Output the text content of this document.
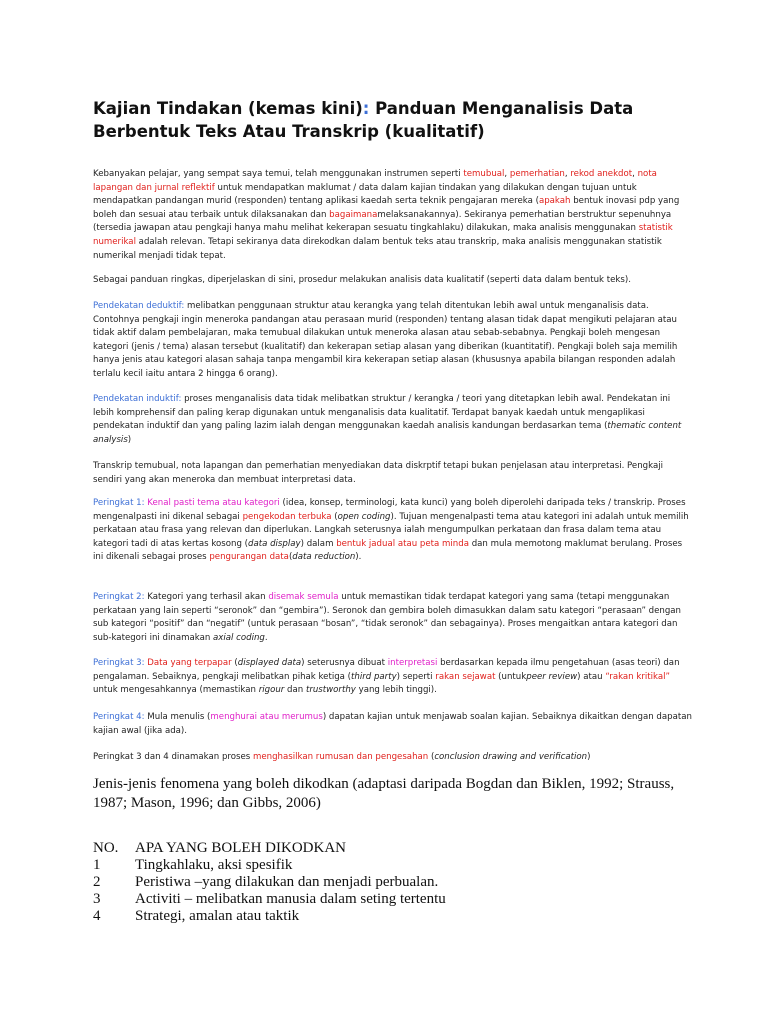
Kajian Tindakan (kemas kini): Panduan Menganalisis Data Berbentuk Teks Atau Transkrip (kualitatif)

Kebanyakan pelajar, yang sempat saya temui, telah menggunakan instrumen seperti temubual, pemerhatian, rekod anekdot, nota lapangan dan jurnal reflektif untuk mendapatkan maklumat / data dalam kajian tindakan yang dilakukan dengan tujuan untuk mendapatkan pandangan murid (responden) tentang aplikasi kaedah serta teknik pengajaran mereka (apakah bentuk inovasi pdp yang boleh dan sesuai atau terbaik untuk dilaksanakan dan bagaimanamelaksanakannya). Sekiranya pemerhatian berstruktur sepenuhnya (tersedia jawapan atau pengkaji hanya mahu melihat kekerapan sesuatu tingkahlaku) dilakukan, maka analisis menggunakan statistik numerikal adalah relevan. Tetapi sekiranya data direkodkan dalam bentuk teks atau transkrip, maka analisis menggunakan statistik numerikal menjadi tidak tepat.

Sebagai panduan ringkas, diperjelaskan di sini, prosedur melakukan analisis data kualitatif (seperti data dalam bentuk teks).

Pendekatan deduktif: melibatkan penggunaan struktur atau kerangka yang telah ditentukan lebih awal untuk menganalisis data. Contohnya pengkaji ingin meneroka pandangan atau perasaan murid (responden) tentang alasan tidak dapat mengikuti pelajaran atau tidak aktif dalam pembelajaran, maka temubual dilakukan untuk meneroka alasan atau sebab-sebabnya. Pengkaji boleh mengesan kategori (jenis / tema) alasan tersebut (kualitatif) dan kekerapan setiap alasan yang diberikan (kuantitatif). Pengkaji boleh saja memilih hanya jenis atau kategori alasan sahaja tanpa mengambil kira kekerapan setiap alasan (khususnya apabila bilangan responden adalah terlalu kecil iaitu antara 2 hingga 6 orang).

Pendekatan induktif: proses menganalisis data tidak melibatkan struktur / kerangka / teori yang ditetapkan lebih awal. Pendekatan ini lebih komprehensif dan paling kerap digunakan untuk menganalisis data kualitatif. Terdapat banyak kaedah untuk mengaplikasi pendekatan induktif dan yang paling lazim ialah dengan menggunakan kaedah analisis kandungan berdasarkan tema (thematic content analysis)

Transkrip temubual, nota lapangan dan pemerhatian menyediakan data diskrptif tetapi bukan penjelasan atau interpretasi. Pengkaji sendiri yang akan meneroka dan membuat interpretasi data.

Peringkat 1: Kenal pasti tema atau kategori (idea, konsep, terminologi, kata kunci) yang boleh diperolehi daripada teks / transkrip. Proses mengenalpasti ini dikenal sebagai pengekodan terbuka (open coding). Tujuan mengenalpasti tema atau kategori ini adalah untuk memilih perkataan atau frasa yang relevan dan diperlukan. Langkah seterusnya ialah mengumpulkan perkataan dan frasa dalam tema atau kategori tadi di atas kertas kosong (data display) dalam bentuk jadual atau peta minda dan mula memotong maklumat berulang. Proses ini dikenali sebagai proses pengurangan data(data reduction).

Peringkat 2: Kategori yang terhasil akan disemak semula untuk memastikan tidak terdapat kategori yang sama (tetapi menggunakan perkataan yang lain seperti “seronok” dan “gembira”). Seronok dan gembira boleh dimasukkan dalam satu kategori “perasaan” dengan sub kategori “positif” dan “negatif” (untuk perasaan “bosan”, “tidak seronok” dan sebagainya). Proses mengaitkan antara kategori dan sub-kategori ini dinamakan axial coding.

Peringkat 3: Data yang terpapar (displayed data) seterusnya dibuat interpretasi berdasarkan kepada ilmu pengetahuan (asas teori) dan pengalaman. Sebaiknya, pengkaji melibatkan pihak ketiga (third party) seperti rakan sejawat (untukpeer review) atau “rakan kritikal” untuk mengesahkannya (memastikan rigour dan trustworthy yang lebih tinggi).

Peringkat 4: Mula menulis (menghurai atau merumus) dapatan kajian untuk menjawab soalan kajian. Sebaiknya dikaitkan dengan dapatan kajian awal (jika ada).

Peringkat 3 dan 4 dinamakan proses menghasilkan rumusan dan pengesahan (conclusion drawing and verification)

Jenis-jenis fenomena yang boleh dikodkan (adaptasi daripada Bogdan dan Biklen, 1992; Strauss, 1987; Mason, 1996; dan Gibbs, 2006)

NO.	APA YANG BOLEH DIKODKAN
1	Tingkahlaku, aksi spesifik
2	Peristiwa –yang dilakukan dan menjadi perbualan.
3	Activiti – melibatkan manusia dalam seting tertentu
4	Strategi, amalan atau taktik
